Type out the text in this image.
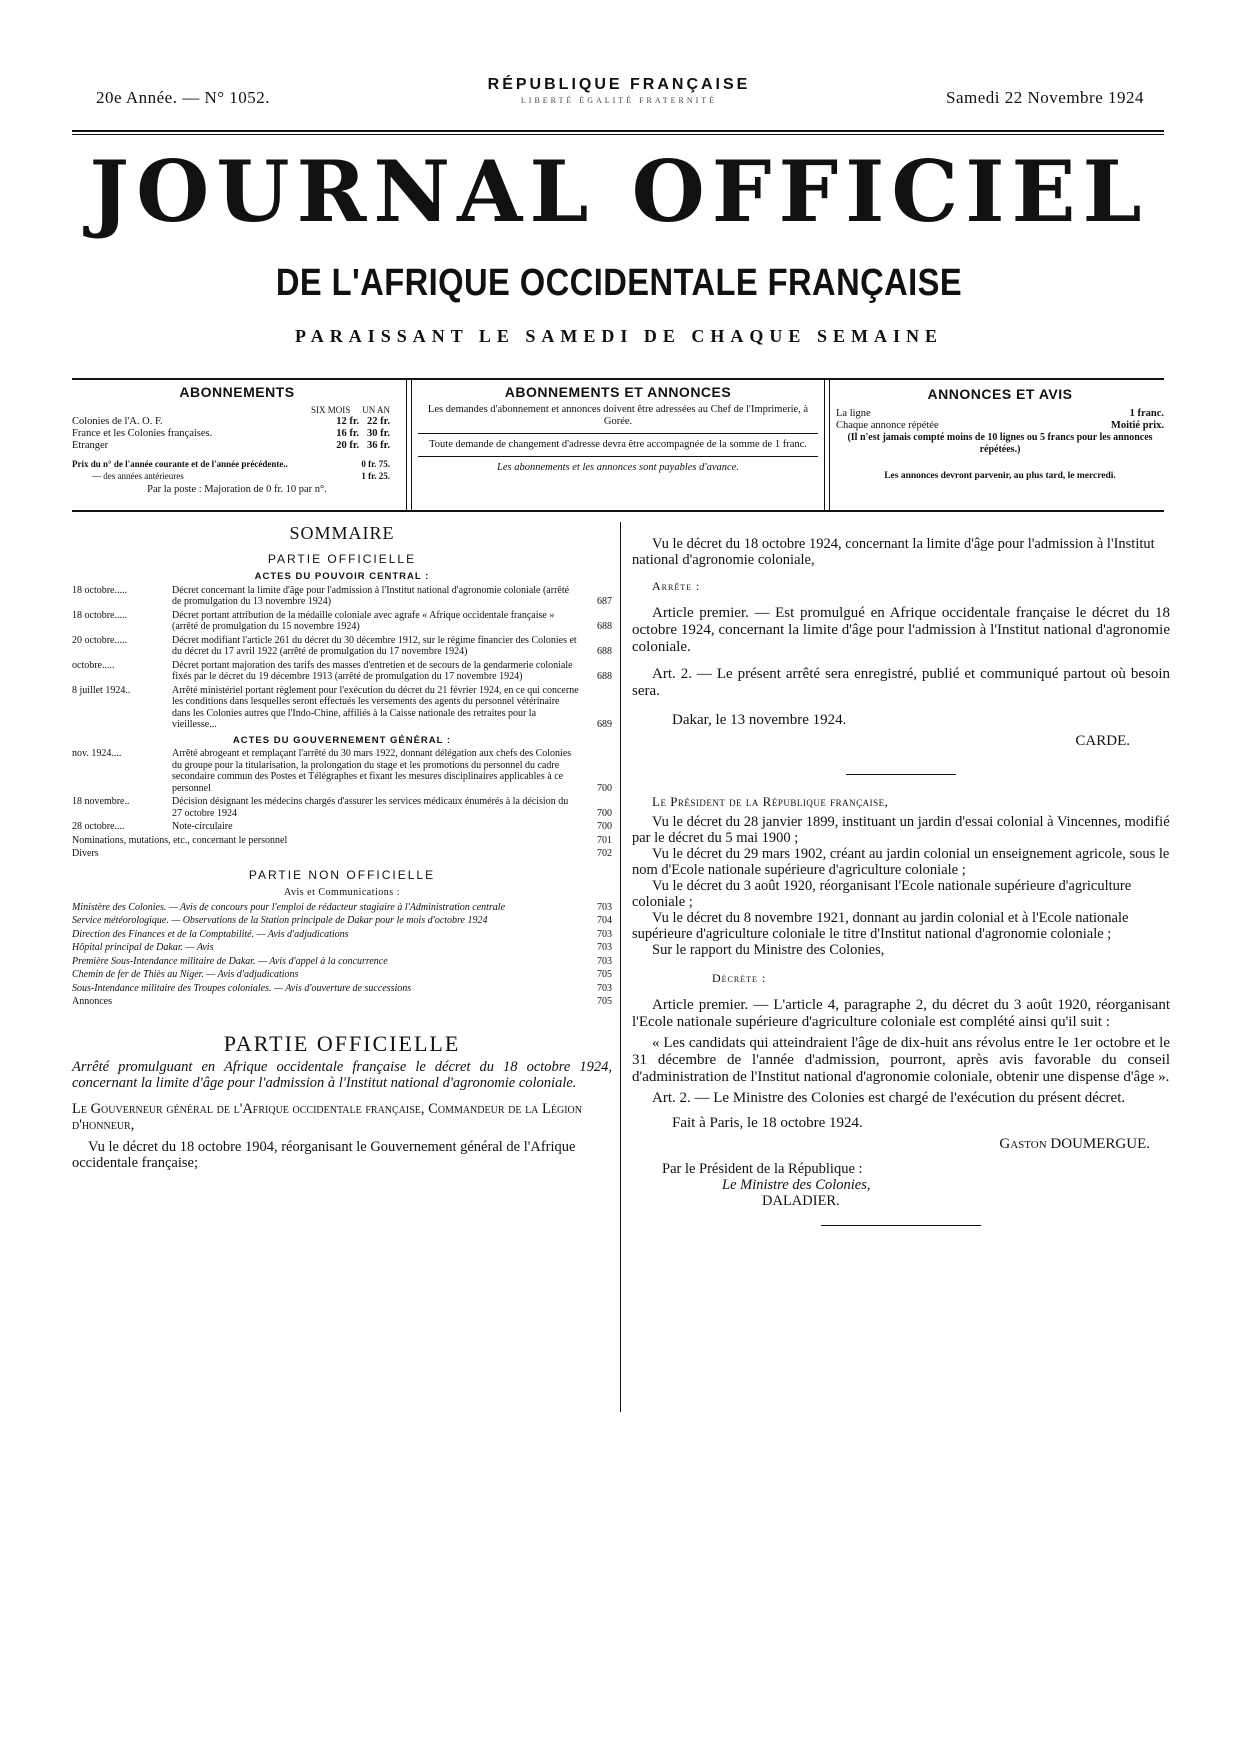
20e Année. — N° 1052.
RÉPUBLIQUE FRANÇAISE
LIBERTÉ ÉGALITÉ FRATERNITÉ	Samedi 22 Novembre 1924
JOURNAL OFFICIEL
DE L'AFRIQUE OCCIDENTALE FRANÇAISE
PARAISSANT LE SAMEDI DE CHAQUE SEMAINE
ABONNEMENTS
SIX MOIS UN AN
Colonies de l'A. O. F.	12 fr. 22 fr.
France et les Colonies françaises.	16 fr. 30 fr.
Etranger	20 fr. 36 fr.
Prix du n° de l'année courante et de l'année précédente..	0 fr. 75.
— des années antérieures	1 fr. 25.
Par la poste : Majoration de 0 fr. 10 par n°.
ABONNEMENTS ET ANNONCES
Les demandes d'abonnement et annonces doivent être adressées au Chef de l'Imprimerie, à Gorée.
Toute demande de changement d'adresse devra être accompagnée de la somme de 1 franc.
Les abonnements et les annonces sont payables d'avance.
ANNONCES ET AVIS
La ligne	1 franc.
Chaque annonce répétée	Moitié prix.
(Il n'est jamais compté moins de 10 lignes ou 5 francs pour les annonces répétées.)
Les annonces devront parvenir, au plus tard, le mercredi.
SOMMAIRE
PARTIE OFFICIELLE
ACTES DU POUVOIR CENTRAL :
18 octobre.....	Décret concernant la limite d'âge pour l'admission à l'Institut national d'agronomie coloniale (arrêté de promulgation du 13 novembre 1924)	687
18 octobre.....	Décret portant attribution de la médaille coloniale avec agrafe « Afrique occidentale française » (arrêté de promulgation du 15 novembre 1924)	688
20 octobre.....	Décret modifiant l'article 261 du décret du 30 décembre 1912, sur le régime financier des Colonies et du décret du 17 avril 1922 (arrêté de promulgation du 17 novembre 1924)	688
octobre.....	Décret portant majoration des tarifs des masses d'entretien et de secours de la gendarmerie coloniale fixés par le décret du 19 décembre 1913 (arrêté de promulgation du 17 novembre 1924)	688
8 juillet 1924..	Arrêté ministériel portant règlement pour l'exécution du décret du 21 février 1924, en ce qui concerne les conditions dans lesquelles seront effectués les versements des agents du personnel vétérinaire dans les Colonies autres que l'Indo-Chine, affiliés à la Caisse nationale des retraites pour la vieillesse...	689
ACTES DU GOUVERNEMENT GÉNÉRAL :
nov. 1924....	Arrêté abrogeant et remplaçant l'arrêté du 30 mars 1922, donnant délégation aux chefs des Colonies du groupe pour la titularisation, la prolongation du stage et les promotions du personnel du cadre secondaire commun des Postes et Télégraphes et fixant les mesures disciplinaires applicables à ce personnel	700
18 novembre..	Décision désignant les médecins chargés d'assurer les services médicaux énumérés à la décision du 27 octobre 1924	700
28 octobre....	Note-circulaire	700
Nominations, mutations, etc., concernant le personnel	701
Divers	702
PARTIE NON OFFICIELLE
Avis et Communications :
Ministère des Colonies. — Avis de concours pour l'emploi de rédacteur stagiaire à l'Administration centrale	703
Service météorologique. — Observations de la Station principale de Dakar pour le mois d'octobre 1924	704
Direction des Finances et de la Comptabilité. — Avis d'adjudications	703
Hôpital principal de Dakar. — Avis	703
Première Sous-Intendance militaire de Dakar. — Avis d'appel à la concurrence	703
Chemin de fer de Thiès au Niger. — Avis d'adjudications	705
Sous-Intendance militaire des Troupes coloniales. — Avis d'ouverture de successions	703
Annonces	705
PARTIE OFFICIELLE
Arrêté promulguant en Afrique occidentale française le décret du 18 octobre 1924, concernant la limite d'âge pour l'admission à l'Institut national d'agronomie coloniale.
Le Gouverneur général de l'Afrique occidentale française, Commandeur de la Légion d'honneur,
Vu le décret du 18 octobre 1904, réorganisant le Gouvernement général de l'Afrique occidentale française;
Vu le décret du 18 octobre 1924, concernant la limite d'âge pour l'admission à l'Institut national d'agronomie coloniale,
Arrête :
Article premier. — Est promulgué en Afrique occidentale française le décret du 18 octobre 1924, concernant la limite d'âge pour l'admission à l'Institut national d'agronomie coloniale.
Art. 2. — Le présent arrêté sera enregistré, publié et communiqué partout où besoin sera.
Dakar, le 13 novembre 1924.
CARDE.
Le Président de la République française,
Vu le décret du 28 janvier 1899, instituant un jardin d'essai colonial à Vincennes, modifié par le décret du 5 mai 1900 ;
Vu le décret du 29 mars 1902, créant au jardin colonial un enseignement agricole, sous le nom d'Ecole nationale supérieure d'agriculture coloniale ;
Vu le décret du 3 août 1920, réorganisant l'Ecole nationale supérieure d'agriculture coloniale ;
Vu le décret du 8 novembre 1921, donnant au jardin colonial et à l'Ecole nationale supérieure d'agriculture coloniale le titre d'Institut national d'agronomie coloniale ;
Sur le rapport du Ministre des Colonies,
Décrète :
Article premier. — L'article 4, paragraphe 2, du décret du 3 août 1920, réorganisant l'Ecole nationale supérieure d'agriculture coloniale est complété ainsi qu'il suit :
« Les candidats qui atteindraient l'âge de dix-huit ans révolus entre le 1er octobre et le 31 décembre de l'année d'admission, pourront, après avis favorable du conseil d'administration de l'Institut national d'agronomie coloniale, obtenir une dispense d'âge ».
Art. 2. — Le Ministre des Colonies est chargé de l'exécution du présent décret.
Fait à Paris, le 18 octobre 1924.
Gaston DOUMERGUE.
Par le Président de la République :
Le Ministre des Colonies,
DALADIER.
